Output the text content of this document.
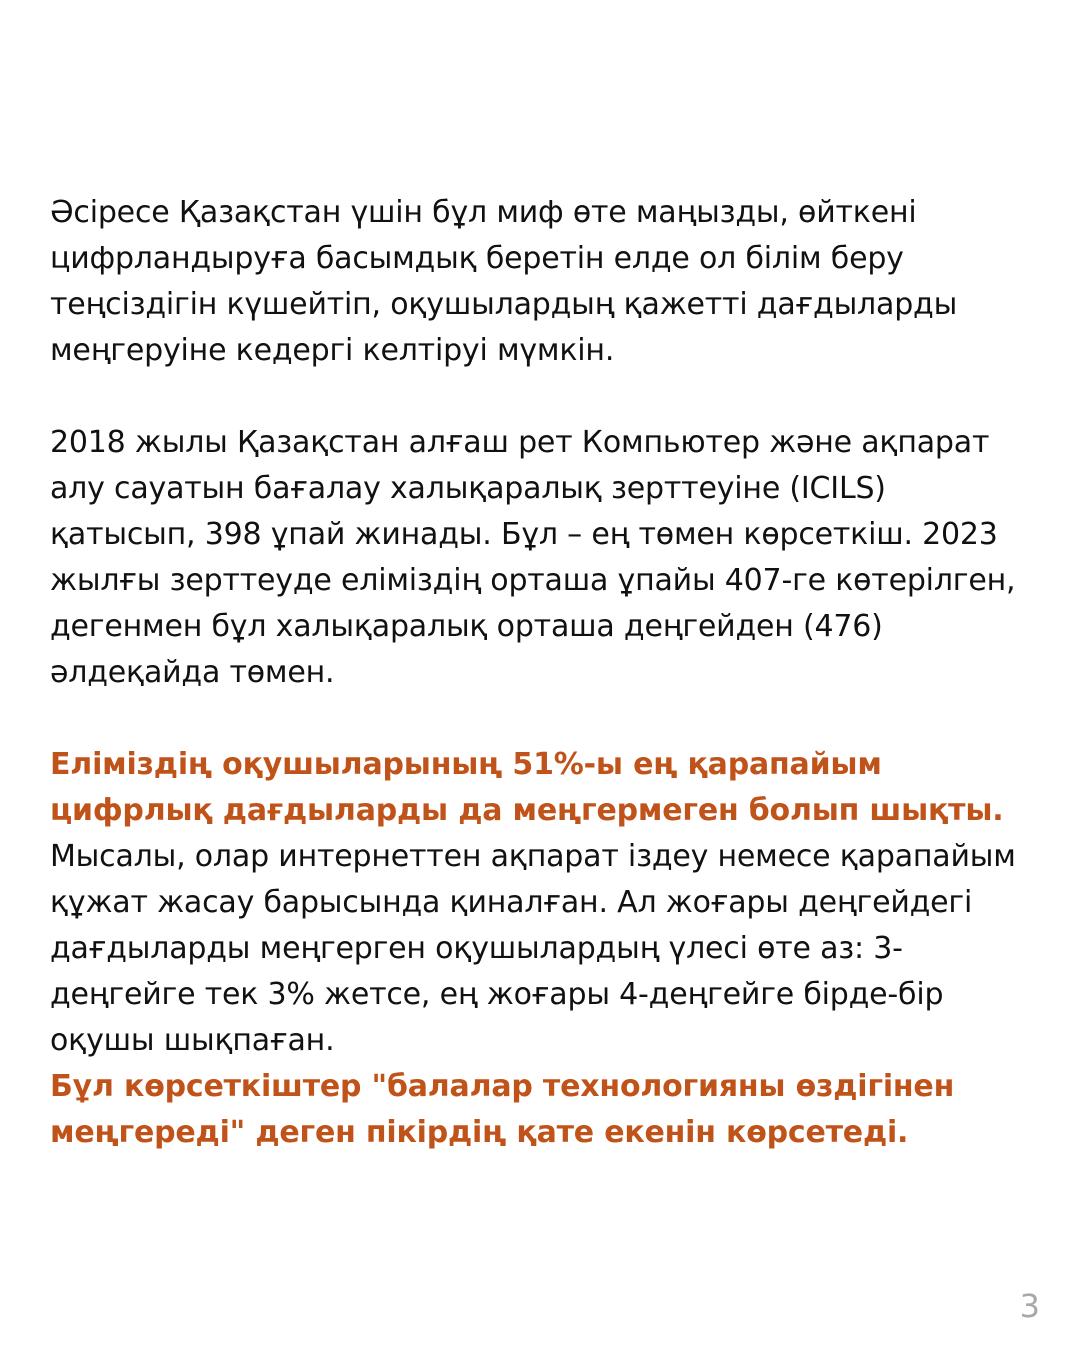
Әсіресе Қазақстан үшін бұл миф өте маңызды, өйткені цифрландыруға басымдық беретін елде ол білім беру теңсіздігін күшейтіп, оқушылардың қажетті дағдыларды меңгеруіне кедергі келтіруі мүмкін.

2018 жылы Қазақстан алғаш рет Компьютер және ақпарат алу сауатын бағалау халықаралық зерттеуіне (ICILS) қатысып, 398 ұпай жинады. Бұл – ең төмен көрсеткіш. 2023 жылғы зерттеуде еліміздің орташа ұпайы 407-ге көтерілген, дегенмен бұл халықаралық орташа деңгейден (476) әлдеқайда төмен.

Еліміздің оқушыларының 51%-ы ең қарапайым цифрлық дағдыларды да меңгермеген болып шықты.

Мысалы, олар интернеттен ақпарат іздеу немесе қарапайым құжат жасау барысында қиналған. Ал жоғары деңгейдегі дағдыларды меңгерген оқушылардың үлесі өте аз: 3-деңгейге тек 3% жетсе, ең жоғары 4-деңгейге бірде-бір оқушы шықпаған.

Бұл көрсеткіштер "балалар технологияны өздігінен меңгереді" деген пікірдің қате екенін көрсетеді.

3
